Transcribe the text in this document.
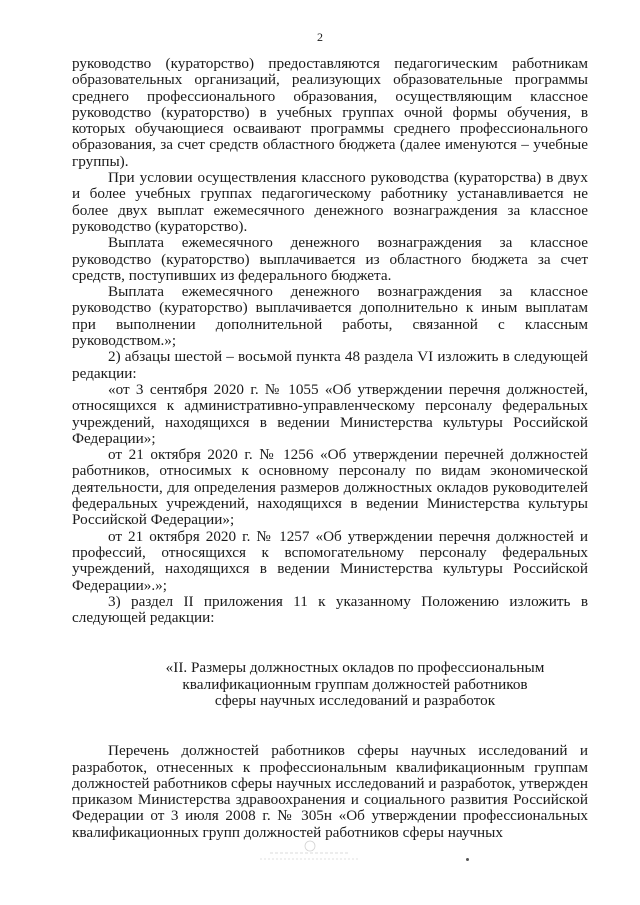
2

руководство (кураторство) предоставляются педагогическим работникам образовательных организаций, реализующих образовательные программы среднего профессионального образования, осуществляющим классное руководство (кураторство) в учебных группах очной формы обучения, в которых обучающиеся осваивают программы среднего профессионального образования, за счет средств областного бюджета (далее именуются – учебные группы).

При условии осуществления классного руководства (кураторства) в двух и более учебных группах педагогическому работнику устанавливается не более двух выплат ежемесячного денежного вознаграждения за классное руководство (кураторство).

Выплата ежемесячного денежного вознаграждения за классное руководство (кураторство) выплачивается из областного бюджета за счет средств, поступивших из федерального бюджета.

Выплата ежемесячного денежного вознаграждения за классное руководство (кураторство) выплачивается дополнительно к иным выплатам при выполнении дополнительной работы, связанной с классным руководством.»;

2) абзацы шестой – восьмой пункта 48 раздела VI изложить в следующей редакции:

«от 3 сентября 2020 г. № 1055 «Об утверждении перечня должностей, относящихся к административно-управленческому персоналу федеральных учреждений, находящихся в ведении Министерства культуры Российской Федерации»;

от 21 октября 2020 г. № 1256 «Об утверждении перечней должностей работников, относимых к основному персоналу по видам экономической деятельности, для определения размеров должностных окладов руководителей федеральных учреждений, находящихся в ведении Министерства культуры Российской Федерации»;

от 21 октября 2020 г. № 1257 «Об утверждении перечня должностей и профессий, относящихся к вспомогательному персоналу федеральных учреждений, находящихся в ведении Министерства культуры Российской Федерации».»;

3) раздел II приложения 11 к указанному Положению изложить в следующей редакции:

«II. Размеры должностных окладов по профессиональным
квалификационным группам должностей работников
сферы научных исследований и разработок

Перечень должностей работников сферы научных исследований и разработок, отнесенных к профессиональным квалификационным группам должностей работников сферы научных исследований и разработок, утвержден приказом Министерства здравоохранения и социального развития Российской Федерации от 3 июля 2008 г. № 305н «Об утверждении профессиональных квалификационных групп должностей работников сферы научных
